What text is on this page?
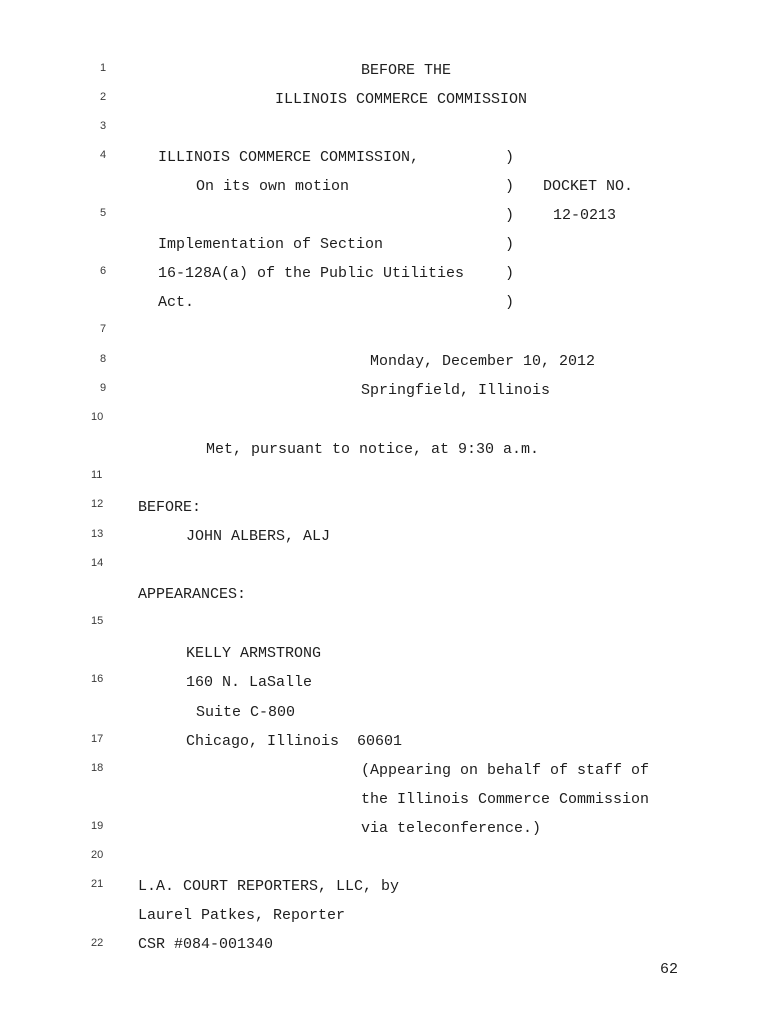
1
2
3
4
5
6
7
8
9
10
11
12
13
14
15
16
17
18
19
20
21
22
BEFORE THE
ILLINOIS COMMERCE COMMISSION
ILLINOIS COMMERCE COMMISSION,
On its own motion
Implementation of Section
16-128A(a) of the Public Utilities
Act.
)
)
)
)
)
)
DOCKET NO.
12-0213
Monday, December 10, 2012
Springfield, Illinois
Met, pursuant to notice, at 9:30 a.m.
BEFORE:
JOHN ALBERS, ALJ
APPEARANCES:
KELLY ARMSTRONG
160 N. LaSalle
Suite C-800
Chicago, Illinois  60601
(Appearing on behalf of staff of
the Illinois Commerce Commission
via teleconference.)
L.A. COURT REPORTERS, LLC, by
Laurel Patkes, Reporter
CSR #084-001340
62
